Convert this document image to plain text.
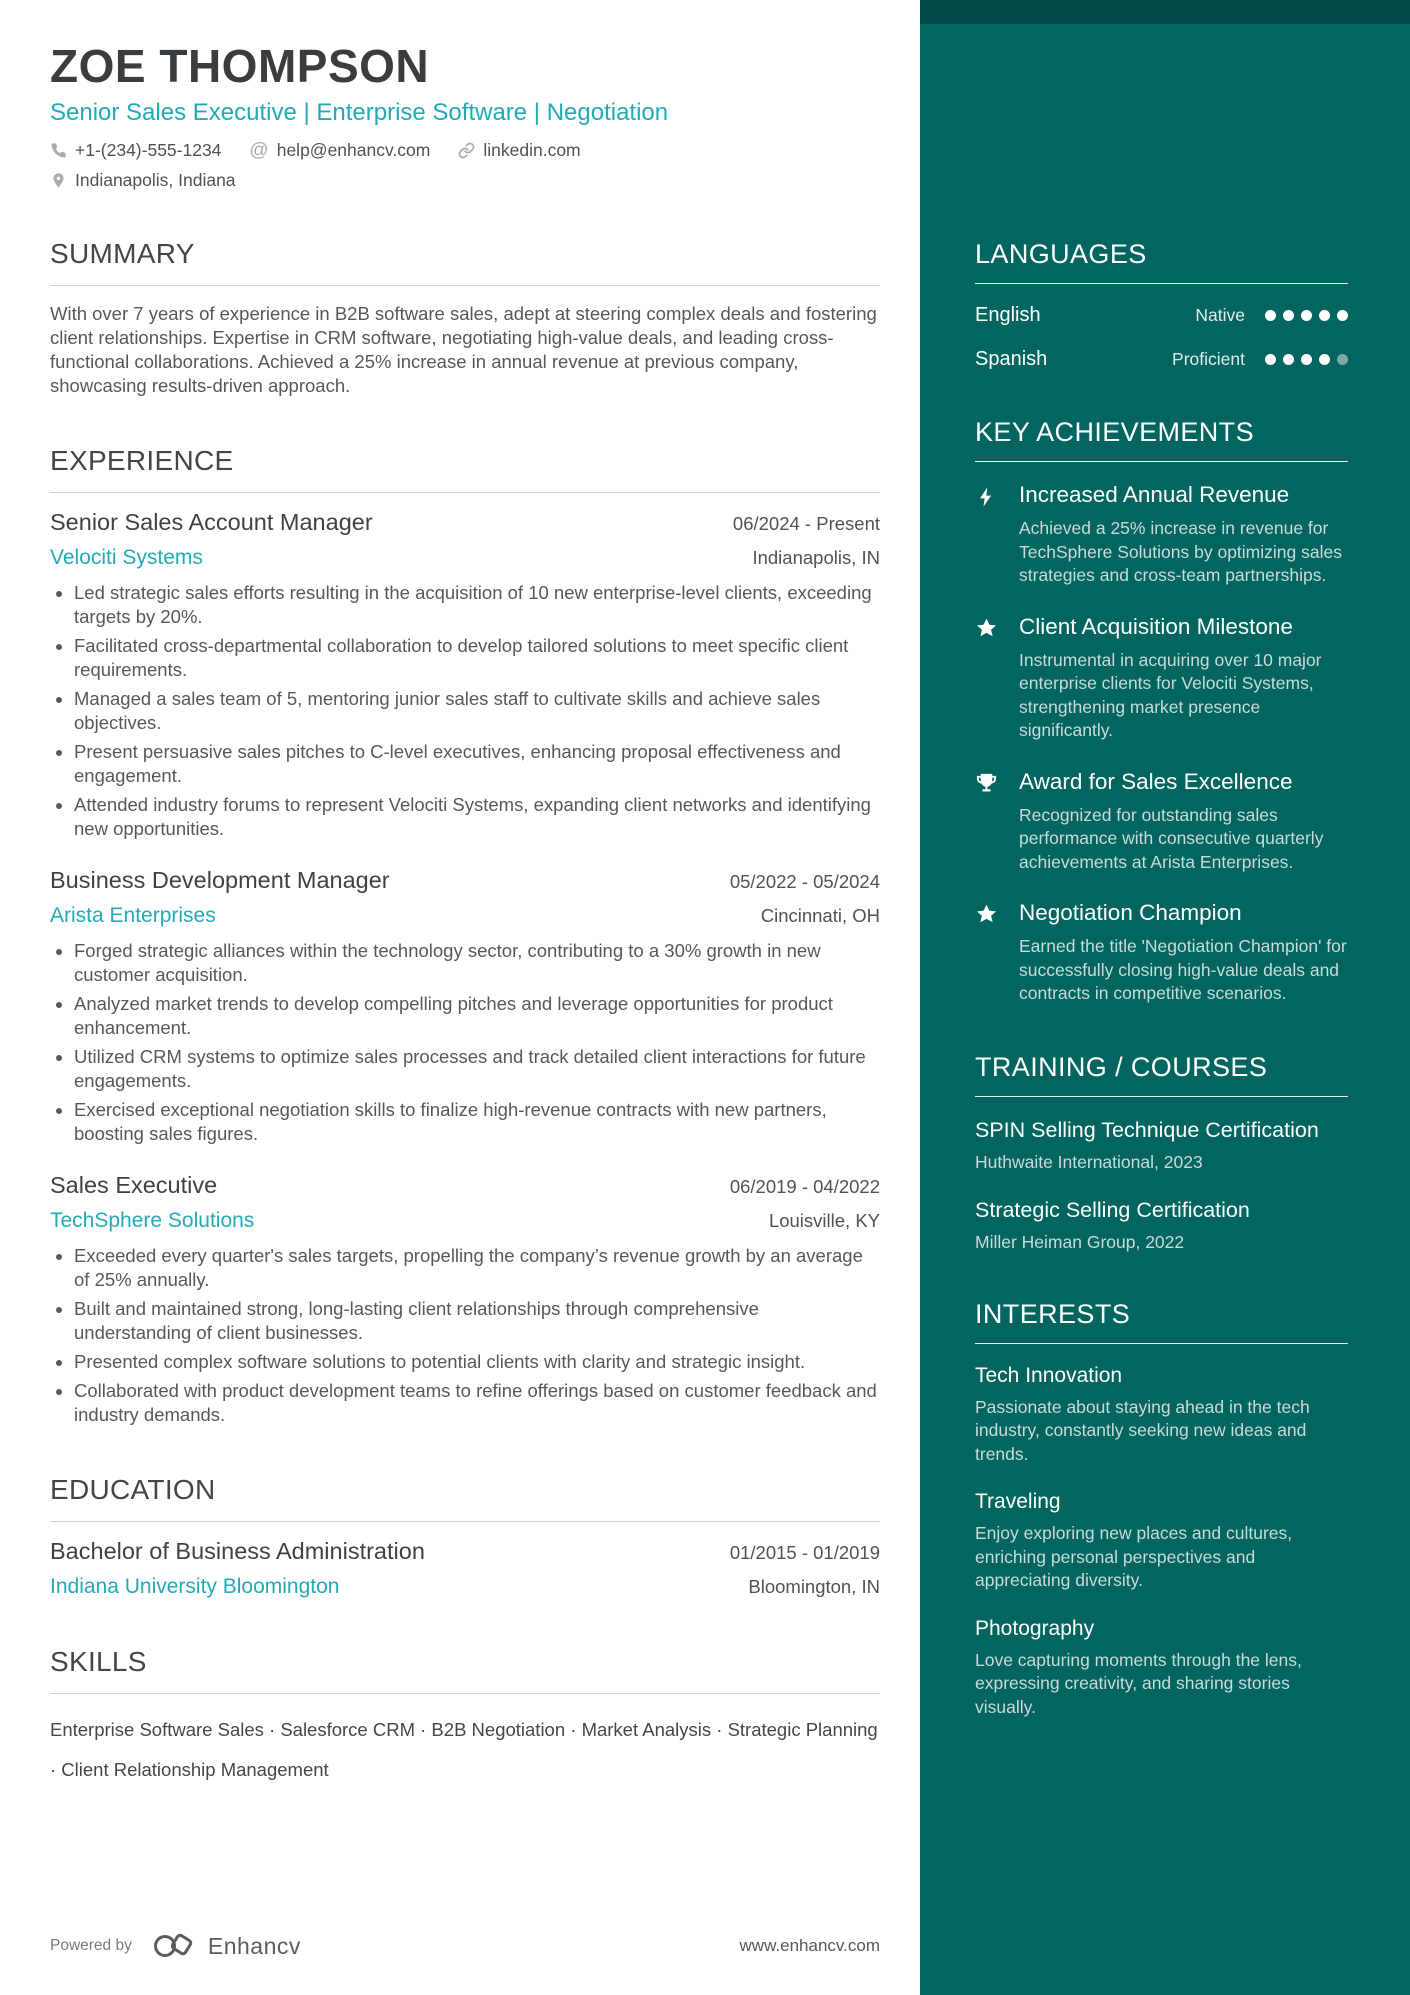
LANGUAGES
English	Native
Spanish	Proficient
KEY ACHIEVEMENTS
Increased Annual Revenue
Achieved a 25% increase in revenue for TechSphere Solutions by optimizing sales strategies and cross-team partnerships.
Client Acquisition Milestone
Instrumental in acquiring over 10 major enterprise clients for Velociti Systems, strengthening market presence significantly.
Award for Sales Excellence
Recognized for outstanding sales performance with consecutive quarterly achievements at Arista Enterprises.
Negotiation Champion
Earned the title 'Negotiation Champion' for successfully closing high-value deals and contracts in competitive scenarios.
TRAINING / COURSES
SPIN Selling Technique Certification
Huthwaite International, 2023
Strategic Selling Certification
Miller Heiman Group, 2022
INTERESTS
Tech Innovation
Passionate about staying ahead in the tech industry, constantly seeking new ideas and trends.
Traveling
Enjoy exploring new places and cultures, enriching personal perspectives and appreciating diversity.
Photography
Love capturing moments through the lens, expressing creativity, and sharing stories visually.
ZOE THOMPSON
Senior Sales Executive | Enterprise Software | Negotiation
+1-(234)-555-1234 @ help@enhancv.com	linkedin.com
Indianapolis, Indiana
SUMMARY

With over 7 years of experience in B2B software sales, adept at steering complex deals and fostering client relationships. Expertise in CRM software, negotiating high-value deals, and leading cross-functional collaborations. Achieved a 25% increase in annual revenue at previous company, showcasing results-driven approach.

EXPERIENCE
Senior Sales Account Manager	06/2024 - Present
Velociti Systems	Indianapolis, IN
• Led strategic sales efforts resulting in the acquisition of 10 new enterprise-level clients, exceeding targets by 20%.
• Facilitated cross-departmental collaboration to develop tailored solutions to meet specific client requirements.
• Managed a sales team of 5, mentoring junior sales staff to cultivate skills and achieve sales objectives.
• Present persuasive sales pitches to C-level executives, enhancing proposal effectiveness and engagement.
• Attended industry forums to represent Velociti Systems, expanding client networks and identifying new opportunities.
Business Development Manager	05/2022 - 05/2024
Arista Enterprises	Cincinnati, OH
• Forged strategic alliances within the technology sector, contributing to a 30% growth in new customer acquisition.
• Analyzed market trends to develop compelling pitches and leverage opportunities for product enhancement.
• Utilized CRM systems to optimize sales processes and track detailed client interactions for future engagements.
• Exercised exceptional negotiation skills to finalize high-revenue contracts with new partners, boosting sales figures.
Sales Executive	06/2019 - 04/2022
TechSphere Solutions	Louisville, KY
• Exceeded every quarter's sales targets, propelling the company’s revenue growth by an average of 25% annually.
• Built and maintained strong, long-lasting client relationships through comprehensive understanding of client businesses.
• Presented complex software solutions to potential clients with clarity and strategic insight.
• Collaborated with product development teams to refine offerings based on customer feedback and industry demands.
EDUCATION
Bachelor of Business Administration	01/2015 - 01/2019
Indiana University Bloomington	Bloomington, IN
SKILLS

Enterprise Software Sales · Salesforce CRM · B2B Negotiation · Market Analysis · Strategic Planning · Client Relationship Management

Powered by	Enhancv	www.enhancv.com
